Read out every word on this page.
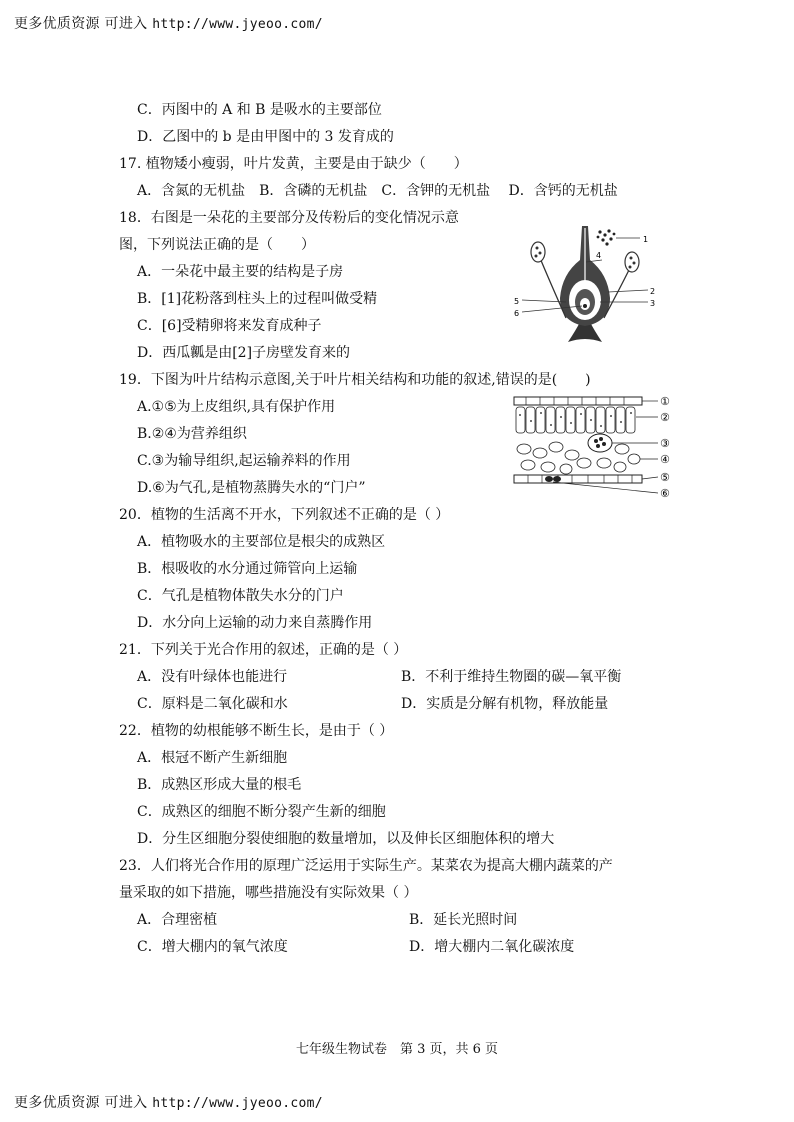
更多优质资源 可进入 http://www.jyeoo.com/
C．丙图中的 A 和 B 是吸水的主要部位
D．乙图中的 b 是由甲图中的 3 发育成的
17. 植物矮小瘦弱，叶片发黄，主要是由于缺少（　　）
A．含氮的无机盐　B．含磷的无机盐　C．含钾的无机盐　 D．含钙的无机盐
18．右图是一朵花的主要部分及传粉后的变化情况示意
图，下列说法正确的是（　　）
A．一朵花中最主要的结构是子房
B．[1]花粉落到柱头上的过程叫做受精
C．[6]受精卵将来发育成种子
D．西瓜瓤是由[2]子房壁发育来的
19．下图为叶片结构示意图,关于叶片相关结构和功能的叙述,错误的是(　　)
A.①⑤为上皮组织,具有保护作用
B.②④为营养组织
C.③为输导组织,起运输养料的作用
D.⑥为气孔,是植物蒸腾失水的“门户”
20．植物的生活离不开水，下列叙述不正确的是（ ）
A．植物吸水的主要部位是根尖的成熟区
B．根吸收的水分通过筛管向上运输
C．气孔是植物体散失水分的门户
D．水分向上运输的动力来自蒸腾作用
21．下列关于光合作用的叙述，正确的是（ ）
A．没有叶绿体也能进行	B．不利于维持生物圈的碳—氧平衡
C．原料是二氧化碳和水	D．实质是分解有机物，释放能量
22．植物的幼根能够不断生长，是由于（ ）
A．根冠不断产生新细胞
B．成熟区形成大量的根毛
C．成熟区的细胞不断分裂产生新的细胞
D．分生区细胞分裂使细胞的数量增加，以及伸长区细胞体积的增大
23．人们将光合作用的原理广泛运用于实际生产。某菜农为提高大棚内蔬菜的产
量采取的如下措施，哪些措施没有实际效果（ ）
A．合理密植	B．延长光照时间
C．增大棚内的氧气浓度	D．增大棚内二氧化碳浓度
1
2
3
4
5
6
①
②
③
④
⑤
⑥
七年级生物试卷　第 3 页，共 6 页
更多优质资源 可进入 http://www.jyeoo.com/
